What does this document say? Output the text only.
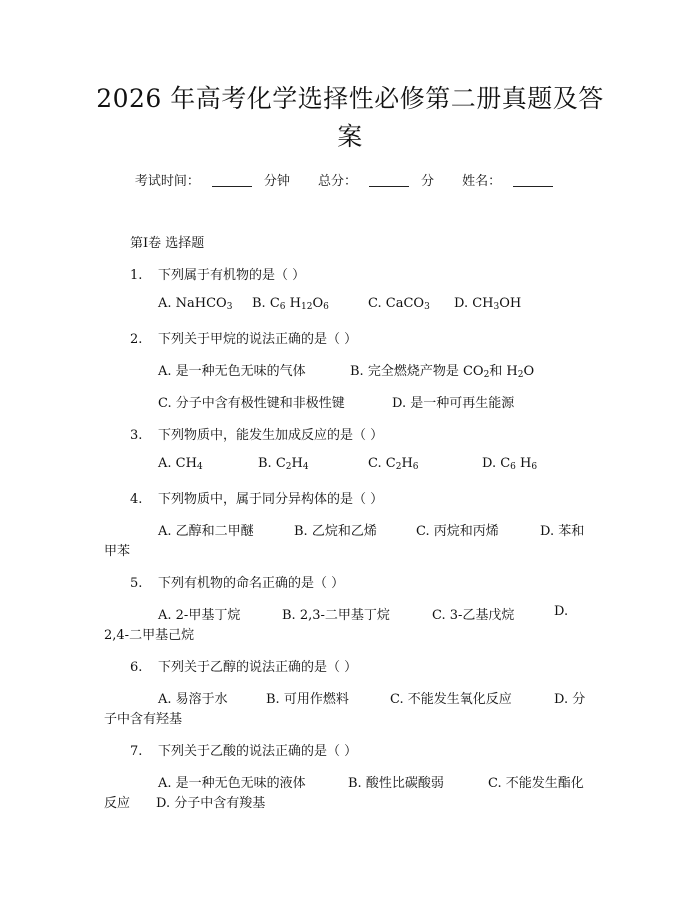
2026 年高考化学选择性必修第二册真题及答
案
考试时间：	分钟 总分：	分 姓名：
第Ⅰ卷 选择题
1. 下列属于有机物的是（ ）
A. NaHCO$_3$ B. $C_6$ $H_{12}O_6$	C. CaCO$_3$ D. $CH_3OH$
2. 下列关于甲烷的说法正确的是（ ）
A. 是一种无色无味的气体	B. 完全燃烧产物是 $CO_2$和 $H_2O$
C. 分子中含有极性键和非极性键	D. 是一种可再生能源
3. 下列物质中，能发生加成反应的是（ ）
A. $CH_4$	B. $C_2H_4$	C. $C_2H_6$	D. $C_6$ $H_6$
4. 下列物质中，属于同分异构体的是（ ）
A. 乙醇和二甲醚	B. 乙烷和乙烯	C. 丙烷和丙烯	D. 苯和
甲苯
5. 下列有机物的命名正确的是（ ）
A. 2-甲基丁烷	B. 2,3-二甲基丁烷	C. 3-乙基戊烷	D.
2,4-二甲基己烷
6. 下列关于乙醇的说法正确的是（ ）
A. 易溶于水	B. 可用作燃料	C. 不能发生氧化反应	D. 分
子中含有羟基
7. 下列关于乙酸的说法正确的是（ ）
A. 是一种无色无味的液体	B. 酸性比碳酸弱	C. 不能发生酯化
反应　　D. 分子中含有羧基
